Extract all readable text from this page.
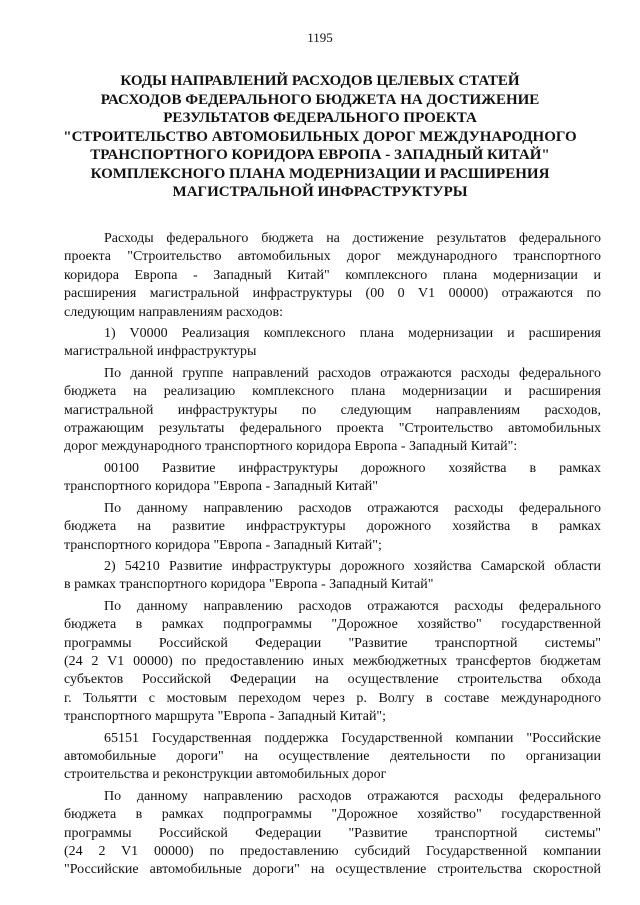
1195
КОДЫ НАПРАВЛЕНИЙ РАСХОДОВ ЦЕЛЕВЫХ СТАТЕЙ
РАСХОДОВ ФЕДЕРАЛЬНОГО БЮДЖЕТА НА ДОСТИЖЕНИЕ
РЕЗУЛЬТАТОВ ФЕДЕРАЛЬНОГО ПРОЕКТА
"СТРОИТЕЛЬСТВО АВТОМОБИЛЬНЫХ ДОРОГ МЕЖДУНАРОДНОГО
ТРАНСПОРТНОГО КОРИДОРА ЕВРОПА - ЗАПАДНЫЙ КИТАЙ"
КОМПЛЕКСНОГО ПЛАНА МОДЕРНИЗАЦИИ И РАСШИРЕНИЯ
МАГИСТРАЛЬНОЙ ИНФРАСТРУКТУРЫ
Расходы федерального бюджета на достижение результатов федерального
проекта "Строительство автомобильных дорог международного транспортного
коридора Европа - Западный Китай" комплексного плана модернизации и
расширения магистральной инфраструктуры (00 0 V1 00000) отражаются по
следующим направлениям расходов:
1) V0000 Реализация комплексного плана модернизации и расширения
магистральной инфраструктуры
По данной группе направлений расходов отражаются расходы федерального
бюджета на реализацию комплексного плана модернизации и расширения
магистральной инфраструктуры по следующим направлениям расходов,
отражающим результаты федерального проекта "Строительство автомобильных
дорог международного транспортного коридора Европа - Западный Китай":
00100 Развитие инфраструктуры дорожного хозяйства в рамках
транспортного коридора "Европа - Западный Китай"
По данному направлению расходов отражаются расходы федерального
бюджета на развитие инфраструктуры дорожного хозяйства в рамках
транспортного коридора "Европа - Западный Китай";
2) 54210 Развитие инфраструктуры дорожного хозяйства Самарской области
в рамках транспортного коридора "Европа - Западный Китай"
По данному направлению расходов отражаются расходы федерального
бюджета в рамках подпрограммы "Дорожное хозяйство" государственной
программы Российской Федерации "Развитие транспортной системы"
(24 2 V1 00000) по предоставлению иных межбюджетных трансфертов бюджетам
субъектов Российской Федерации на осуществление строительства обхода
г. Тольятти с мостовым переходом через р. Волгу в составе международного
транспортного маршрута "Европа - Западный Китай";
65151 Государственная поддержка Государственной компании "Российские
автомобильные дороги" на осуществление деятельности по организации
строительства и реконструкции автомобильных дорог
По данному направлению расходов отражаются расходы федерального
бюджета в рамках подпрограммы "Дорожное хозяйство" государственной
программы Российской Федерации "Развитие транспортной системы"
(24 2 V1 00000) по предоставлению субсидий Государственной компании
"Российские автомобильные дороги" на осуществление строительства скоростной
